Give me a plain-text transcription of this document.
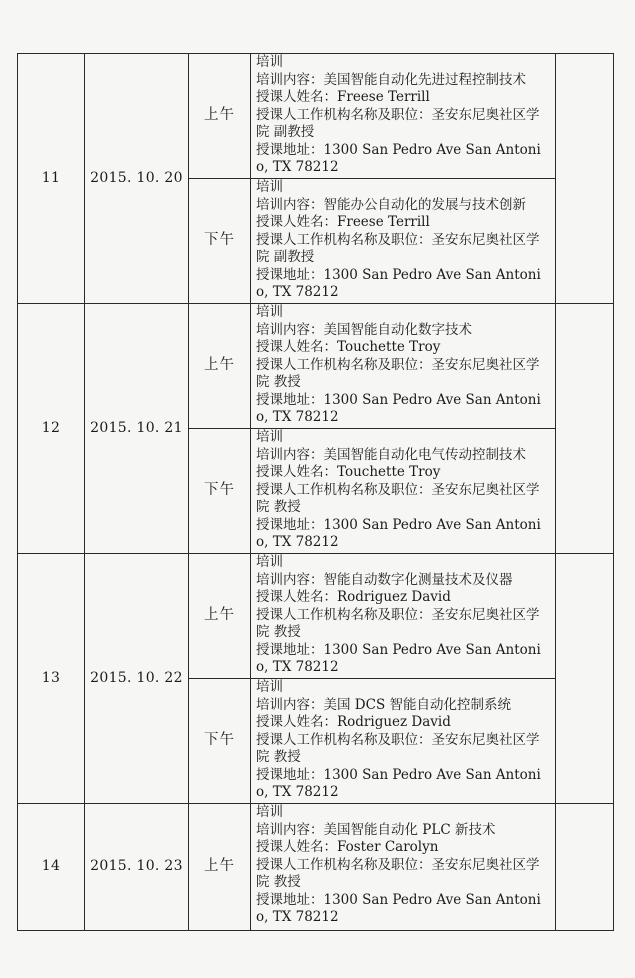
11	2015. 10. 20	上午	培训
培训内容：美国智能自动化先进过程控制技术
授课人姓名：Freese Terrill
授课人工作机构名称及职位：圣安东尼奥社区学院 副教授
授课地址：1300 San Pedro Ave San Antonio, TX 78212	

		下午	培训
培训内容：智能办公自动化的发展与技术创新
授课人姓名：Freese Terrill
授课人工作机构名称及职位：圣安东尼奥社区学院 副教授
授课地址：1300 San Pedro Ave San Antonio, TX 78212	

12	2015. 10. 21	上午	培训
培训内容：美国智能自动化数字技术
授课人姓名：Touchette Troy
授课人工作机构名称及职位：圣安东尼奥社区学院 教授
授课地址：1300 San Pedro Ave San Antonio, TX 78212	

		下午	培训
培训内容：美国智能自动化电气传动控制技术
授课人姓名：Touchette Troy
授课人工作机构名称及职位：圣安东尼奥社区学院 教授
授课地址：1300 San Pedro Ave San Antonio, TX 78212	

13	2015. 10. 22	上午	培训
培训内容：智能自动数字化测量技术及仪器
授课人姓名：Rodriguez David
授课人工作机构名称及职位：圣安东尼奥社区学院 教授
授课地址：1300 San Pedro Ave San Antonio, TX 78212	

		下午	培训
培训内容：美国 DCS 智能自动化控制系统
授课人姓名：Rodriguez David
授课人工作机构名称及职位：圣安东尼奥社区学院 教授
授课地址：1300 San Pedro Ave San Antonio, TX 78212	

14	2015. 10. 23	上午	培训
培训内容：美国智能自动化 PLC 新技术
授课人姓名：Foster Carolyn
授课人工作机构名称及职位：圣安东尼奥社区学院 教授
授课地址：1300 San Pedro Ave San Antonio, TX 78212	
